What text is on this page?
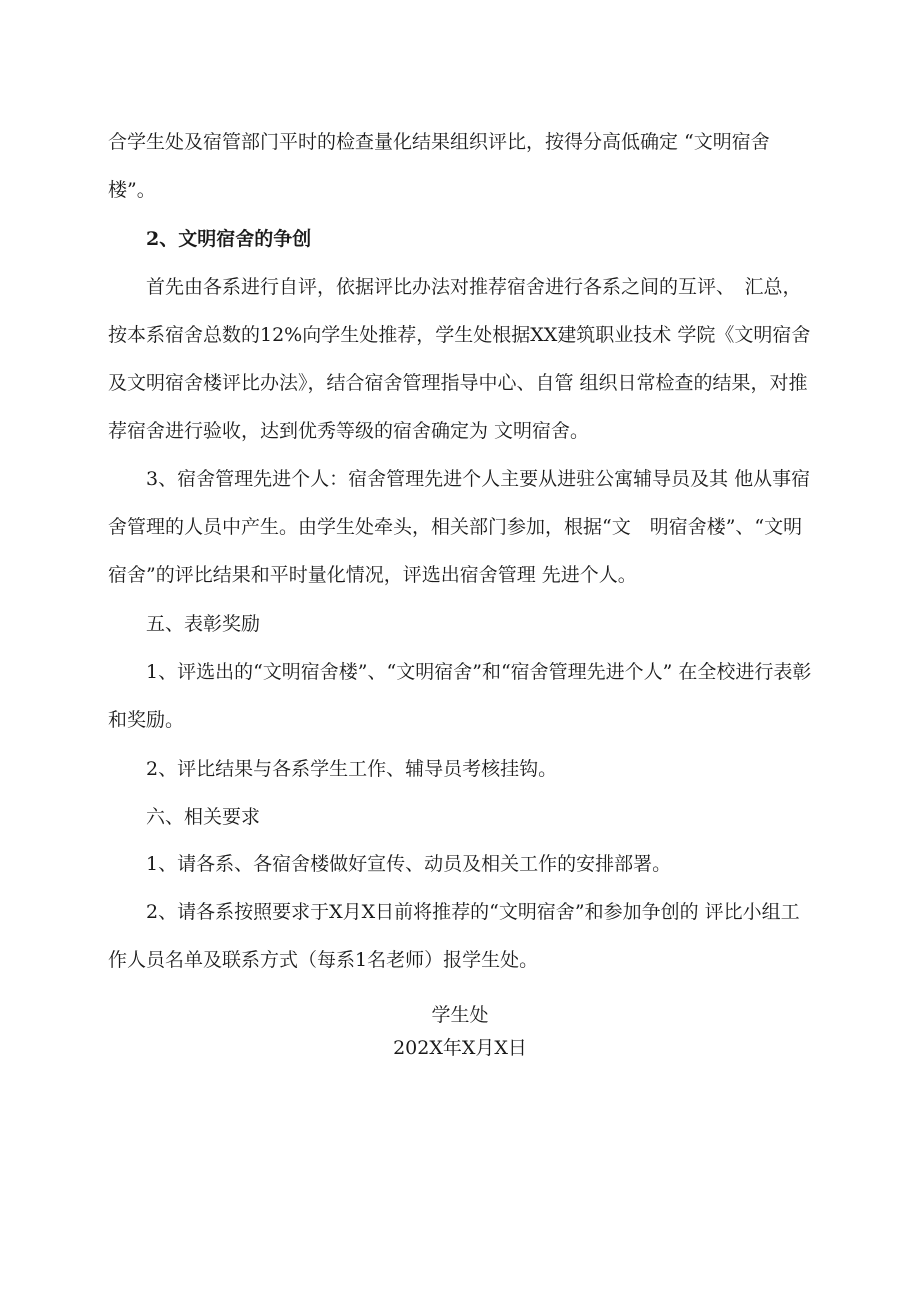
合学生处及宿管部门平时的检查量化结果组织评比，按得分高低确定 “文明宿舍楼”。

2、文明宿舍的争创

首先由各系进行自评，依据评比办法对推荐宿舍进行各系之间的互评、　汇总，按本系宿舍总数的12%向学生处推荐，学生处根据XX建筑职业技术 学院《文明宿舍及文明宿舍楼评比办法》，结合宿舍管理指导中心、自管 组织日常检查的结果，对推荐宿舍进行验收，达到优秀等级的宿舍确定为 文明宿舍。

3、宿舍管理先进个人：宿舍管理先进个人主要从进驻公寓辅导员及其 他从事宿舍管理的人员中产生。由学生处牵头，相关部门参加，根据“文　明宿舍楼”、“文明宿舍”的评比结果和平时量化情况，评选出宿舍管理 先进个人。

五、表彰奖励

1、评选出的“文明宿舍楼”、“文明宿舍”和“宿舍管理先进个人” 在全校进行表彰和奖励。

2、评比结果与各系学生工作、辅导员考核挂钩。

六、相关要求

1、请各系、各宿舍楼做好宣传、动员及相关工作的安排部署。

2、请各系按照要求于X月X日前将推荐的“文明宿舍”和参加争创的 评比小组工作人员名单及联系方式（每系1名老师）报学生处。

学生处

202X年X月X日
